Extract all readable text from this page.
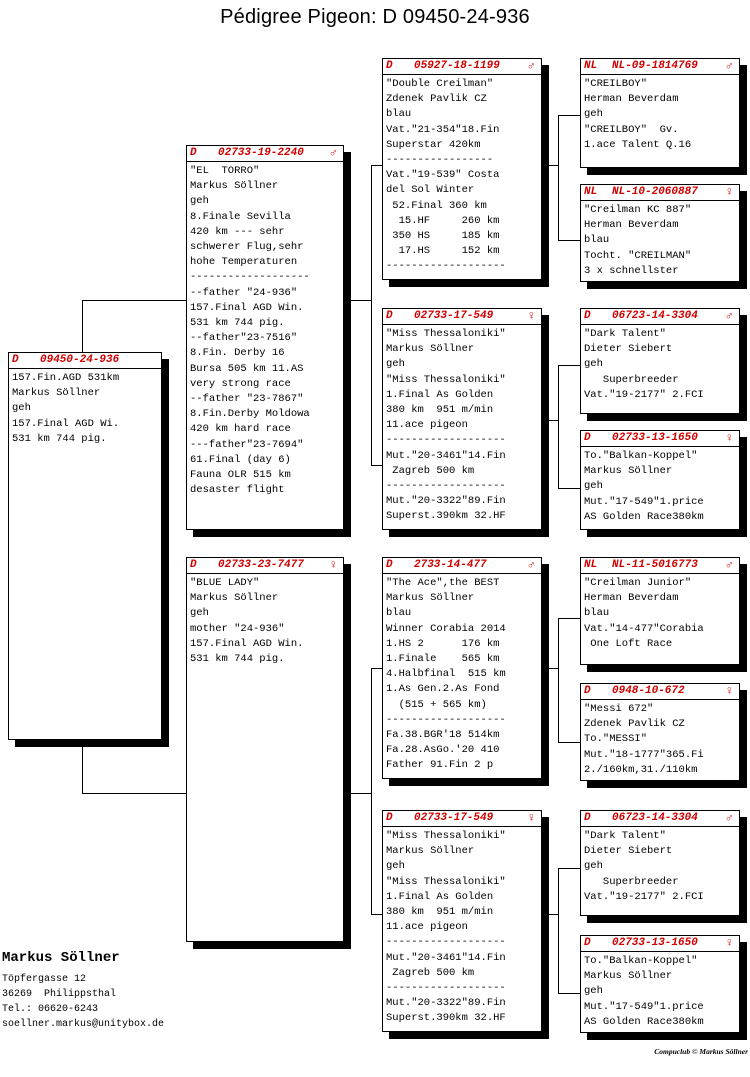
Pédigree Pigeon: D 09450-24-936
D 09450-24-936
157.Fin.AGD 531km
Markus Söllner
geh
157.Final AGD Wi.
531 km 744 pig.
D 02733-19-2240 ♂
"EL  TORRO"
Markus Söllner
geh
8.Finale Sevilla
420 km --- sehr
schwerer Flug,sehr
hohe Temperaturen
-------------------
--father "24-936"
157.Final AGD Win.
531 km 744 pig.
--father"23-7516"
8.Fin. Derby 16
Bursa 505 km 11.AS
very strong race
--father "23-7867"
8.Fin.Derby Moldowa
420 km hard race
---father"23-7694"
61.Final (day 6)
Fauna OLR 515 km
desaster flight
D 02733-23-7477 ♀
"BLUE LADY"
Markus Söllner
geh
mother "24-936"
157.Final AGD Win.
531 km 744 pig.
D 05927-18-1199 ♂
"Double Creilman"
Zdenek Pavlik CZ
blau
Vat."21-354"18.Fin
Superstar 420km
-----------------
Vat."19-539" Costa
del Sol Winter
52.Final 360 km
15.HF     260 km
350 HS     185 km
17.HS     152 km
-------------------
D 02733-17-549	♀
"Miss Thessaloniki"
Markus Söllner
geh
"Miss Thessaloniki"
1.Final As Golden
380 km  951 m/min
11.ace pigeon
-------------------
Mut."20-3461"14.Fin
Zagreb 500 km
-------------------
Mut."20-3322"89.Fin
Superst.390km 32.HF
D 2733-14-477	♂
"The Ace",the BEST
Markus Söllner
blau
Winner Corabia 2014
1.HS 2      176 km
1.Finale    565 km
4.Halbfinal  515 km
1.As Gen.2.As Fond
(515 + 565 km)
-------------------
Fa.38.BGR'18 514km
Fa.28.AsGo.'20 410
Father 91.Fin 2 p
D 02733-17-549	♀
"Miss Thessaloniki"
Markus Söllner
geh
"Miss Thessaloniki"
1.Final As Golden
380 km  951 m/min
11.ace pigeon
-------------------
Mut."20-3461"14.Fin
Zagreb 500 km
-------------------
Mut."20-3322"89.Fin
Superst.390km 32.HF
NL NL-09-1814769 ♂
"CREILBOY"
Herman Beverdam
geh
"CREILBOY"  Gv.
1.ace Talent Q.16
NL NL-10-2060887 ♀
"Creilman KC 887"
Herman Beverdam
blau
Tocht. "CREILMAN"
3 x schnellster
D 06723-14-3304 ♂
"Dark Talent"
Dieter Siebert
geh
Superbreeder
Vat."19-2177" 2.FCI
D 02733-13-1650 ♀
To."Balkan-Koppel"
Markus Söllner
geh
Mut."17-549"1.price
AS Golden Race380km
NL NL-11-5016773 ♂
"Creilman Junior"
Herman Beverdam
blau
Vat."14-477"Corabia
One Loft Race
D 0948-10-672	♀
"Messi 672"
Zdenek Pavlik CZ
To."MESSI"
Mut."18-1777"365.Fi
2./160km,31./110km
D 06723-14-3304 ♂
"Dark Talent"
Dieter Siebert
geh
Superbreeder
Vat."19-2177" 2.FCI
D 02733-13-1650 ♀
To."Balkan-Koppel"
Markus Söllner
geh
Mut."17-549"1.price
AS Golden Race380km
Markus Söllner
Töpfergasse 12
36269  Philippsthal
Tel.: 06620-6243
soellner.markus@unitybox.de
Compuclub © Markus Söllner
